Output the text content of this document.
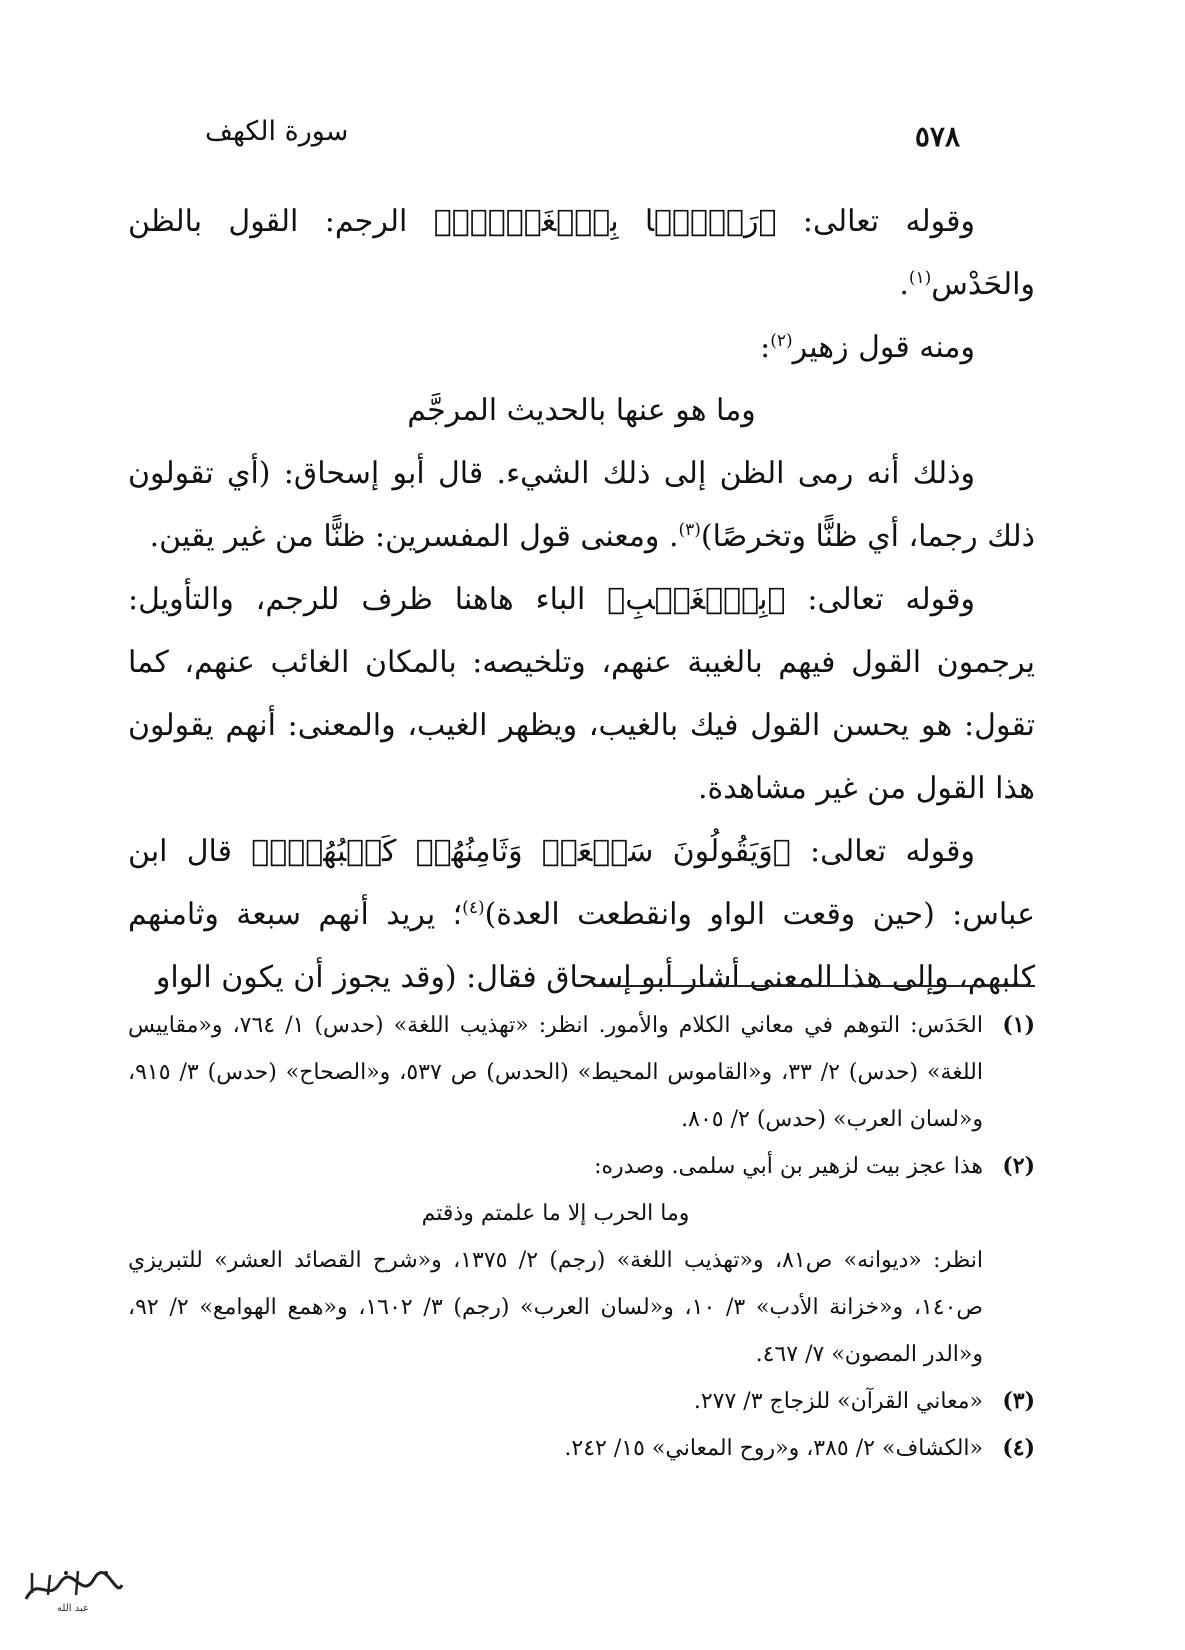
٥٧٨
سورة الكهف

وقوله تعالى: ﴿رَجۡمَۢا بِٱلۡغَيۡبِۖ﴾ الرجم: القول بالظن والحَدْس$^{(١)}$.

ومنه قول زهير$^{(٢)}$:

وما هو عنها بالحديث المرجَّم

وذلك أنه رمى الظن إلى ذلك الشيء. قال أبو إسحاق: (أي تقولون ذلك رجما، أي ظنًّا وتخرصًا)$^{(٣)}$. ومعنى قول المفسرين: ظنًّا من غير يقين.

وقوله تعالى: ﴿بِٱلۡغَيۡبِ﴾ الباء هاهنا ظرف للرجم، والتأويل: يرجمون القول فيهم بالغيبة عنهم، وتلخيصه: بالمكان الغائب عنهم، كما تقول: هو يحسن القول فيك بالغيب، ويظهر الغيب، والمعنى: أنهم يقولون هذا القول من غير مشاهدة.

وقوله تعالى: ﴿وَيَقُولُونَ سَبۡعَةٞ وَثَامِنُهُمۡ كَلۡبُهُمۡۚ﴾ قال ابن عباس: (حين وقعت الواو وانقطعت العدة)$^{(٤)}$؛ يريد أنهم سبعة وثامنهم كلبهم، وإلى هذا المعنى أشار أبو إسحاق فقال: (وقد يجوز أن يكون الواو

(١)
الحَدَس: التوهم في معاني الكلام والأمور. انظر: «تهذيب اللغة» (حدس) ١/ ٧٦٤، و«مقاييس اللغة» (حدس) ٢/ ٣٣، و«القاموس المحيط» (الحدس) ص ٥٣٧، و«الصحاح» (حدس) ٣/ ٩١٥، و«لسان العرب» (حدس) ٢/ ٨٠٥.
(٢)
هذا عجز بيت لزهير بن أبي سلمى. وصدره:
وما الحرب إلا ما علمتم وذقتم
انظر: «ديوانه» ص٨١، و«تهذيب اللغة» (رجم) ٢/ ١٣٧٥، و«شرح القصائد العشر» للتبريزي ص١٤٠، و«خزانة الأدب» ٣/ ١٠، و«لسان العرب» (رجم) ٣/ ١٦٠٢، و«همع الهوامع» ٢/ ٩٢، و«الدر المصون» ٧/ ٤٦٧.
(٣)
«معاني القرآن» للزجاج ٣/ ٢٧٧.
(٤)
«الكشاف» ٢/ ٣٨٥، و«روح المعاني» ١٥/ ٢٤٢.
عبد الله
